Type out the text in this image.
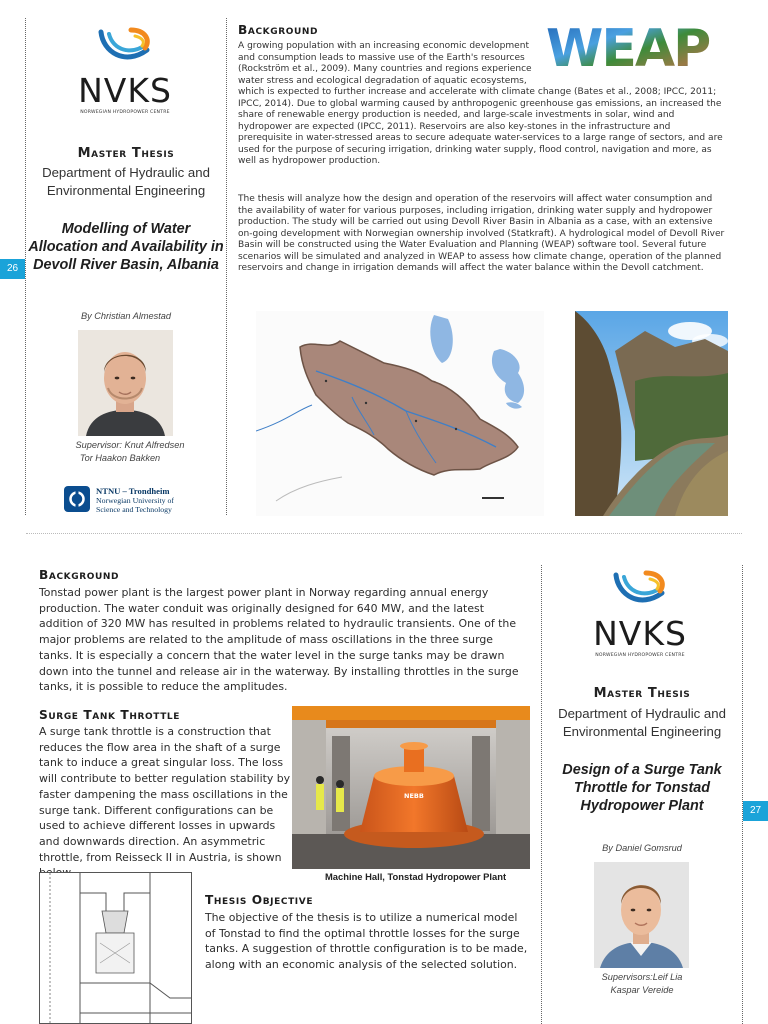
NVKS
NORWEGIAN HYDROPOWER CENTRE
Master Thesis
Department of Hydraulic and Environmental Engineering
Modelling of Water Allocation and Availability in Devoll River Basin, Albania
26
By Christian Almestad
Supervisor: Knut Alfredsen
Tor Haakon Bakken
NTNU – Trondheim
Norwegian University of
Science and Technology
WEAP
Background
A growing population with an increasing economic development and consumption leads to massive use of the Earth's resources (Rockström et al., 2009). Many countries and regions experience water stress and ecological degradation of aquatic ecosystems, which is expected to further increase and accelerate with climate change (Bates et al., 2008; IPCC, 2011; IPCC, 2014). Due to global warming caused by anthropogenic greenhouse gas emissions, an increased the share of renewable energy production is needed, and large-scale investments in solar, wind and hydropower are expected (IPCC, 2011). Reservoirs are also key-stones in the infrastructure and prerequisite in water-stressed areas to secure adequate water-services to a large range of sectors, and are used for the purpose of securing irrigation, drinking water supply, flood control, navigation and more, as well as hydropower production.
The thesis will analyze how the design and operation of the reservoirs will affect water consumption and the availability of water for various purposes, including irrigation, drinking water supply and hydropower production. The study will be carried out using Devoll River Basin in Albania as a case, with an extensive on-going development with Norwegian ownership involved (Statkraft). A hydrological model of Devoll River Basin will be constructed using the Water Evaluation and Planning (WEAP) software tool. Several future scenarios will be simulated and analyzed in WEAP to assess how climate change, operation of the planned reservoirs and change in irrigation demands will affect the water balance within the Devoll catchment.
Background
Tonstad power plant is the largest power plant in Norway regarding annual energy production. The water conduit was originally designed for 640 MW, and the latest addition of 320 MW has resulted in problems related to hydraulic transients. One of the major problems are related to the amplitude of mass oscillations in the three surge tanks. It is especially a concern that the water level in the surge tanks may be drawn down into the tunnel and release air in the waterway. By installing throttles in the surge tanks, it is possible to reduce the amplitudes.
Surge Tank Throttle
A surge tank throttle is a construction that reduces the flow area in the shaft of a surge tank to induce a great singular loss. The loss will contribute to better regulation stability by faster dampening the mass oscillations in the surge tank. Different configurations can be used to achieve different losses in upwards and downwards direction. An asymmetric throttle, from Reisseck II in Austria, is shown
NEBB
Machine Hall, Tonstad Hydropower Plant
Thesis Objective
The objective of the thesis is to utilize a numerical model of Tonstad to find the optimal throttle losses for the surge tanks. A suggestion of throttle configuration is to be made, along with an economic analysis of the selected solution.
NVKS
NORWEGIAN HYDROPOWER CENTRE
Master Thesis
Department of Hydraulic and Environmental Engineering
Design of a Surge Tank Throttle for Tonstad Hydropower Plant	27
By Daniel Gomsrud
Supervisors:Leif Lia
Kaspar Vereide
